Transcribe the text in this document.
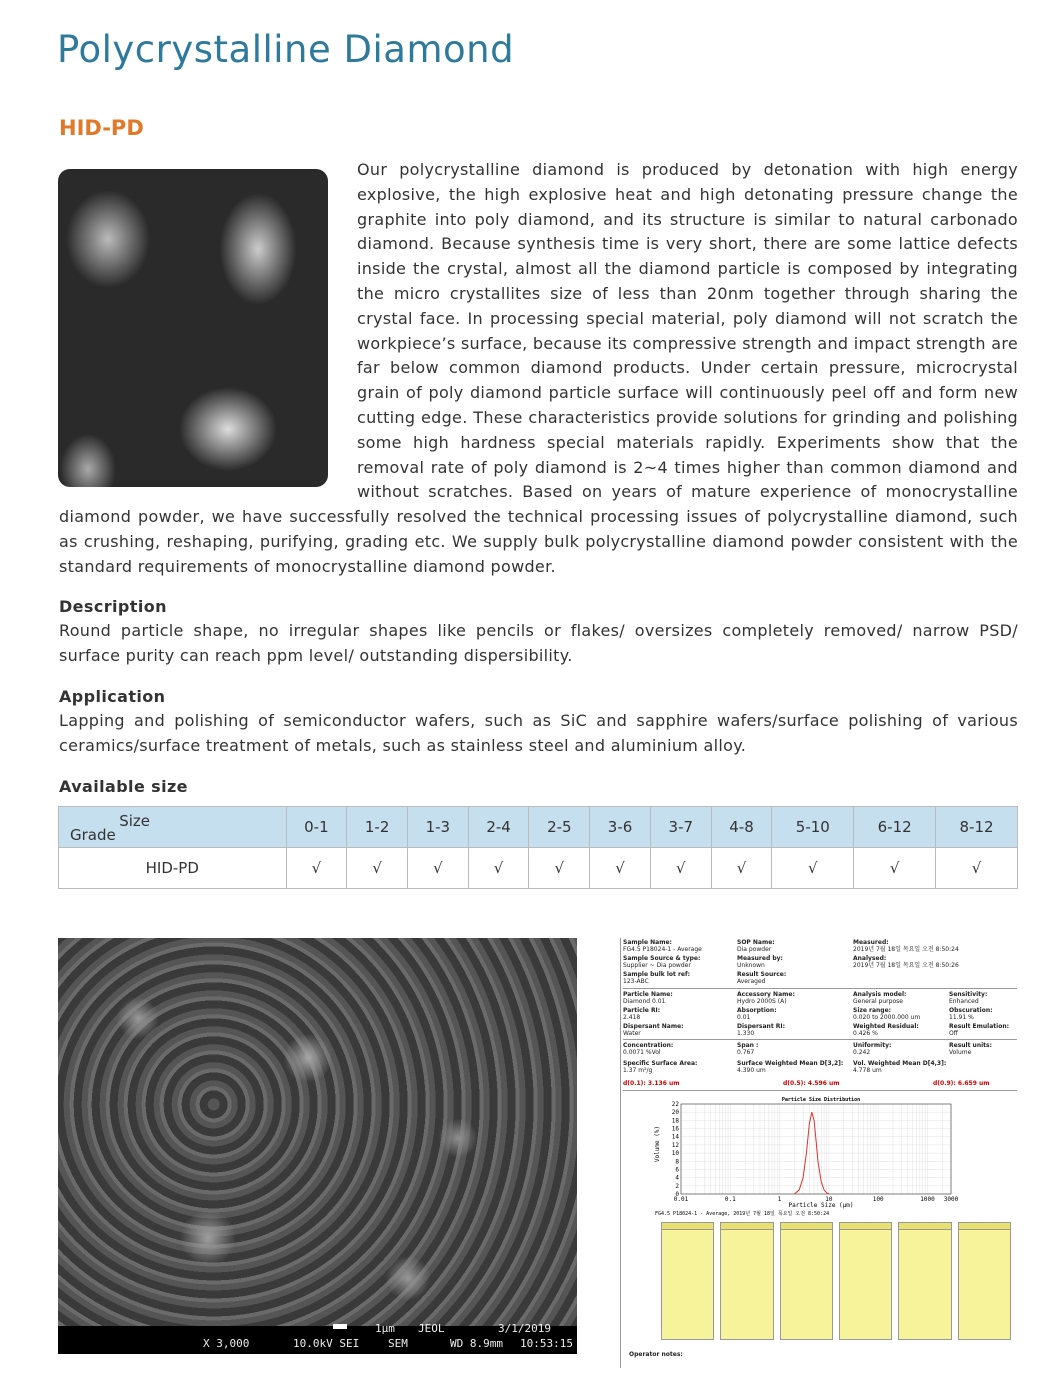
Polycrystalline Diamond
HID-PD

Our polycrystalline diamond is produced by detonation with high energy explosive, the high explosive heat and high detonating pressure change the graphite into poly diamond, and its structure is similar to natural carbonado diamond. Because synthesis time is very short, there are some lattice defects inside the crystal, almost all the diamond particle is composed by integrating the micro crystallites size of less than 20nm together through sharing the crystal face. In processing special material, poly diamond will not scratch the workpiece’s surface, because its compressive strength and impact strength are far below common diamond products. Under certain pressure, microcrystal grain of poly diamond particle surface will continuously peel off and form new cutting edge. These characteristics provide solutions for grinding and polishing some high hardness special materials rapidly. Experiments show that the removal rate of poly diamond is 2~4 times higher than common diamond and without scratches. Based on years of mature experience of monocrystalline diamond powder, we have successfully resolved the technical processing issues of polycrystalline diamond, such as crushing, reshaping, purifying, grading etc. We supply bulk polycrystalline diamond powder consistent with the standard requirements of monocrystalline diamond powder.

Description

Round particle shape, no irregular shapes like pencils or flakes/ oversizes completely removed/ narrow PSD/ surface purity can reach ppm level/ outstanding dispersibility.

Application

Lapping and polishing of semiconductor wafers, such as SiC and sapphire wafers/surface polishing of various ceramics/surface treatment of metals, such as stainless steel and aluminium alloy.

Available size
Size
Grade	0-1	1-2	1-3	2-4	2-5	3-6	3-7	4-8	5-10	6-12	8-12
HID-PD	√	√	√	√	√	√	√	√	√	√	√
1μm JEOL	3/1/2019
X 3,000	10.0kV SEI	SEM	WD 8.9mm 10:53:15
Sample Name:
FG4.5 P18024-1 - Average
SOP Name:
Dia powder
Measured:
2019년 7월 18일 목요일 오전 8:50:24
Sample Source & type:
Supplier ~ Dia powder
Measured by:
Unknown
Analysed:
2019년 7월 18일 목요일 오전 8:50:26
Sample bulk lot ref:
123-ABC
Result Source:
Averaged
Particle Name:
Diamond 0.01
Accessory Name:
Hydro 2000S (A)
Analysis model:
General purpose
Sensitivity:
Enhanced
Particle RI:
2.418
Absorption:
0.01
Size range:
0.020 to 2000.000 um
Obscuration:
11.91 %
Dispersant Name:
Water
Dispersant RI:
1.330
Weighted Residual:
0.426 %
Result Emulation:
Off
Concentration:
0.0071 %Vol
Span :
0.767
Uniformity:
0.242
Result units:
Volume
Specific Surface Area:
1.37 m²/g
Surface Weighted Mean D[3,2]:
4.390 um
Vol. Weighted Mean D[4,3]:
4.778 um
d(0.1): 3.136 um	d(0.5): 4.596 um	d(0.9): 6.659 um
Particle Size Distribution
0
2
4
6
8
10
12
14
16
18
20
22
0.01	0.1	1	10	100	1000 3000
Particle Size (μm)
Volume (%)
FG4.5 P18024-1 - Average, 2019년 7월 18일 목요일 오전 8:50:24
Operator notes:
